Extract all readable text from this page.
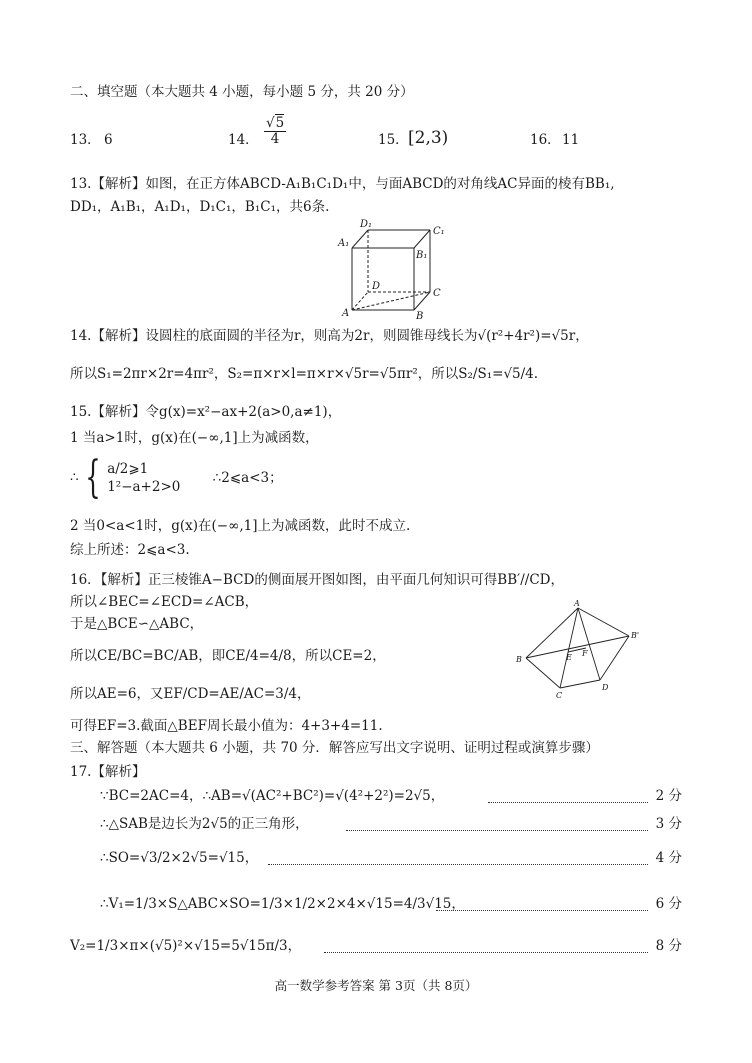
二、填空题（本大题共 4 小题，每小题 5 分，共 20 分）
13． 6	14． $\frac{√5}{4}$	15． [2,3)	16． 11
13.【解析】如图，在正方体ABCD-A₁B₁C₁D₁中，与面ABCD的对角线AC异面的棱有BB₁,
DD₁，A₁B₁，A₁D₁，D₁C₁，B₁C₁，共6条.
D₁
C₁
A₁
B₁
D
C
A	B
14.【解析】设圆柱的底面圆的半径为r，则高为2r，则圆锥母线长为√(r²+4r²)=√5r，
所以S₁=2πr×2r=4πr²，S₂=π×r×l=π×r×√5r=√5πr²，所以S₂/S₁=√5/4.
15.【解析】令g(x)=x²−ax+2(a>0,a≠1)，
1 当a>1时，g(x)在(−∞,1]上为减函数，
∴ { a/2⩾1
1²−a+2>0
∴2⩽a<3；
2 当0<a<1时，g(x)在(−∞,1]上为减函数，此时不成立.
综上所述：2⩽a<3.
16．【解析】正三棱锥A−BCD的侧面展开图如图，由平面几何知识可得BB′//CD，
所以∠BEC=∠ECD=∠ACB，
于是△BCE∽△ABC，
所以CE/BC=BC/AB，即CE/4=4/8，所以CE=2，
所以AE=6，又EF/CD=AE/AC=3/4，
可得EF=3.截面△BEF周长最小值为：4+3+4=11.
A
B
B'
C
D
E F
三、解答题（本大题共 6 小题，共 70 分．解答应写出文字说明、证明过程或演算步骤）
17.【解析】
∵BC=2AC=4，∴AB=√(AC²+BC²)=√(4²+2²)=2√5，	2 分
∴△SAB是边长为2√5的正三角形，	3 分
∴SO=√3/2×2√5=√15，	4 分
∴V₁=1/3×S△ABC×SO=1/3×1/2×2×4×√15=4/3√15，	6 分
V₂=1/3×π×(√5)²×√15=5√15π/3，	8 分
高一数学参考答案 第 3页（共 8页）
